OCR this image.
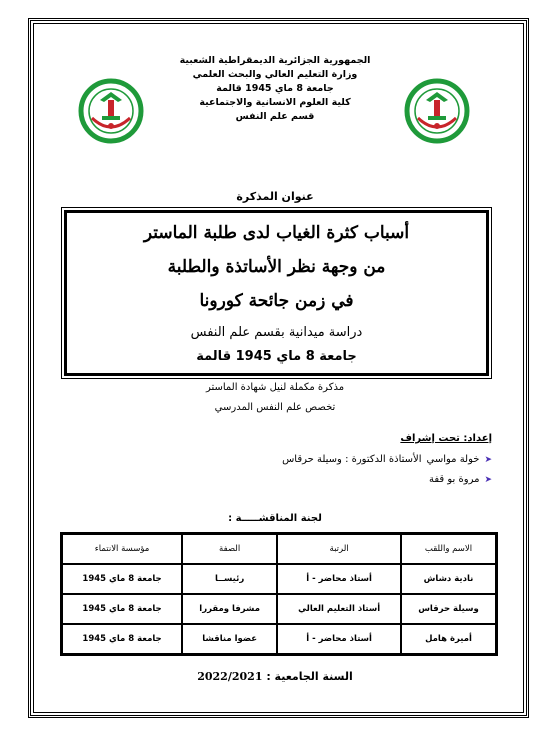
الجمهورية الجزائرية الديمقراطية الشعبية
وزارة التعليم العالي والبحث العلمي
جامعة 8 ماي 1945 قالمة
كلية العلوم الانسانية والاجتماعية
قسم علم النفس
عنوان المذكرة
أسباب كثرة الغياب لدى طلبة الماستر
من وجهة نظر الأساتذة والطلبة
في زمن جائحة كورونا
دراسة ميدانية بقسم علم النفس
جامعة 8 ماي 1945 قالمة
مذكرة مكملة لنيل شهادة الماستر
تخصص علم النفس المدرسي
إعداد: تحت إشراف
➤
خولة مواسي
الأستاذة الدكتورة : وسيلة حرقاس
➤
مروة بو قفة
لجنة المناقشـــــة :
الاسم واللقب	الرتبة	الصفة	مؤسسة الانتماء
نادية دشاش	أستاذ محاضر - أ	رئيســا	جامعة 8 ماي 1945
وسيلة حرقاس	أستاذ التعليم العالي	مشرفا ومقررا	جامعة 8 ماي 1945
أميرة هامل	أستاذ محاضر - أ	عضوا مناقشا	جامعة 8 ماي 1945
السنة الجامعية : 2022/2021
